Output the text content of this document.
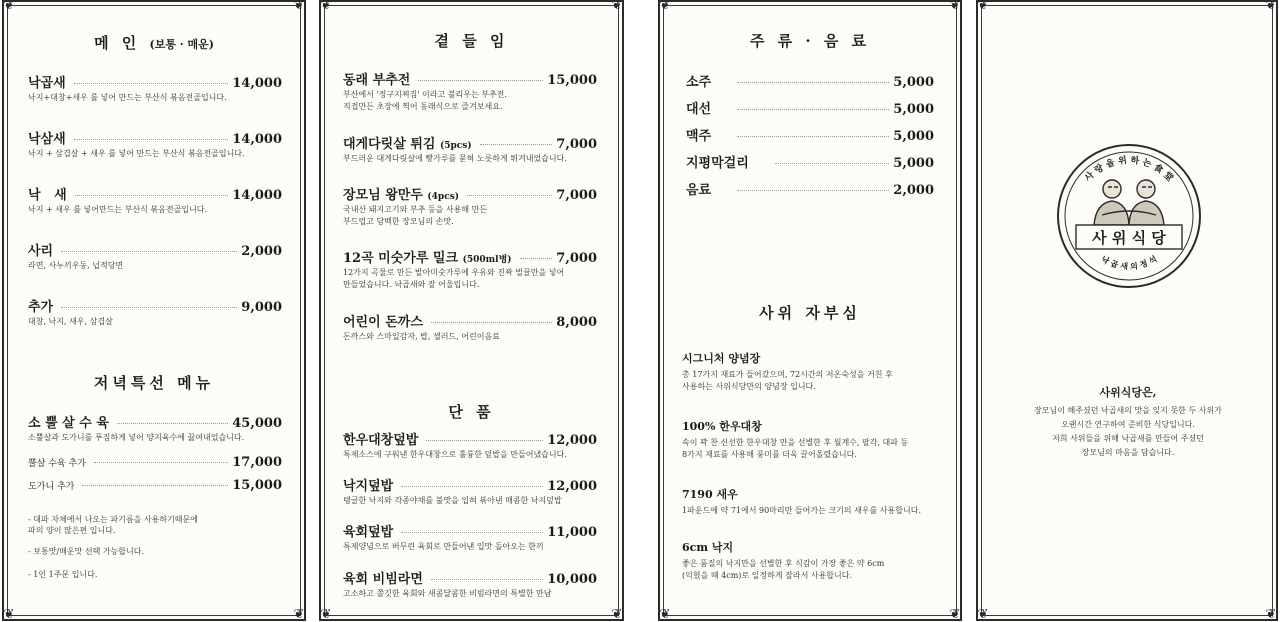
❦	❦
❦	❦
메 인 (보통 · 매운)
낙곱새	14,000
낙지+대창+새우 를 넣어 만드는 부산식 볶음전골입니다.
낙삼새	14,000
낙지 + 삼겹살 + 새우 를 넣어 만드는 부산식 볶음전골입니다.
낙   새	14,000
낙지 + 새우 를 넣어만드는 부산식 볶음전골입니다.
사리	2,000
라면, 사누끼우동, 넙적당면
추가	9,000
대창, 낙지, 새우, 삼겹살
저녁특선 메뉴
소 뿔 살 수 육	45,000
소뿔살과 도가니를 푸짐하게 넣어 양지육수에 끓여내었습니다.
뿔살 수육 추가	17,000
도가니 추가	15,000
- 대파 자체에서 나오는 파기름을 사용하기때문에
파의 양이 많은편 입니다.
- 보통맛/매운맛 선택 가능합니다.
- 1인 1주문 입니다.
❦	❦
❦	❦
곁 들 임
동래 부추전	15,000
부산에서 '정구지찌짐' 이라고 불리우는 부추전.
직접만든 초장에 찍어 동래식으로 즐겨보세요.
대게다릿살 튀김 (5pcs)	7,000
부드러운 대게다릿살에 빵가루를 묻혀 노릇하게 튀겨내었습니다.
장모님 왕만두 (4pcs)	7,000
국내산 돼지고기와 부추 등을 사용해 만든
부드럽고 담백한 장모님의 손맛.
12곡 미숫가루 밀크 (500ml병)	7,000
12가지 곡물로 만든 발아미숫가루에 우유와 진짜 벌꿀만을 넣어
만들었습니다. 낙곱새와 잘 어울립니다.
어린이 돈까스	8,000
돈까스와 스마일감자, 밥, 샐러드, 어린이음료
단 품
한우대창덮밥	12,000
특제소스에 구워낸 한우대창으로 훌륭한 덮밥을 만들어냈습니다.
낙지덮밥	12,000
탱글한 낙지와 각종야채를 불맛을 입혀 볶아낸 매콤한 낙지덮밥
육회덮밥	11,000
특제양념으로 버무린 육회로 만들어낸 입맛 돌아오는 한끼
육회 비빔라면	10,000
고소하고 쫄깃한 육회와 새콤달콤한 비빔라면의 특별한 만남
❦	❦
❦	❦
주 류 · 음 료
소주	5,000
대선	5,000
맥주	5,000
지평막걸리	5,000
음료	2,000
사위 자부심
시그니처 양념장
총 17가지 재료가 들어갔으며, 72시간의 저온숙성을 거친 후
사용하는 사위식당만의 양념장 입니다.
100% 한우대창
속이 꽉 찬 신선한 한우대창 만을 선별한 후 월계수, 팔각, 대파 등
8가지 재료를 사용해 풍미를 더욱 끌어올렸습니다.
7190 새우
1파운드에 약 71에서 90마리만 들어가는 크기의 새우를 사용합니다.
6cm 낙지
좋은 품질의 낙지만을 선별한 후 식감이 가장 좋은 약 6cm
(익혔을 때 4cm)로 일정하게 잘라서 사용합니다.
❦	❦
❦	❦
사 랑 을 위 하 는 食 堂
사 위 식 당
낙 곱 새 의 정 석
사위식당은,
장모님이 해주셨던 낙곱새의 맛을 잊지 못한 두 사위가
오랜시간 연구하여 준비한 식당입니다.
저희 사위들을 위해 낙곱새를 만들어 주셨던
장모님의 마음을 담습니다.
